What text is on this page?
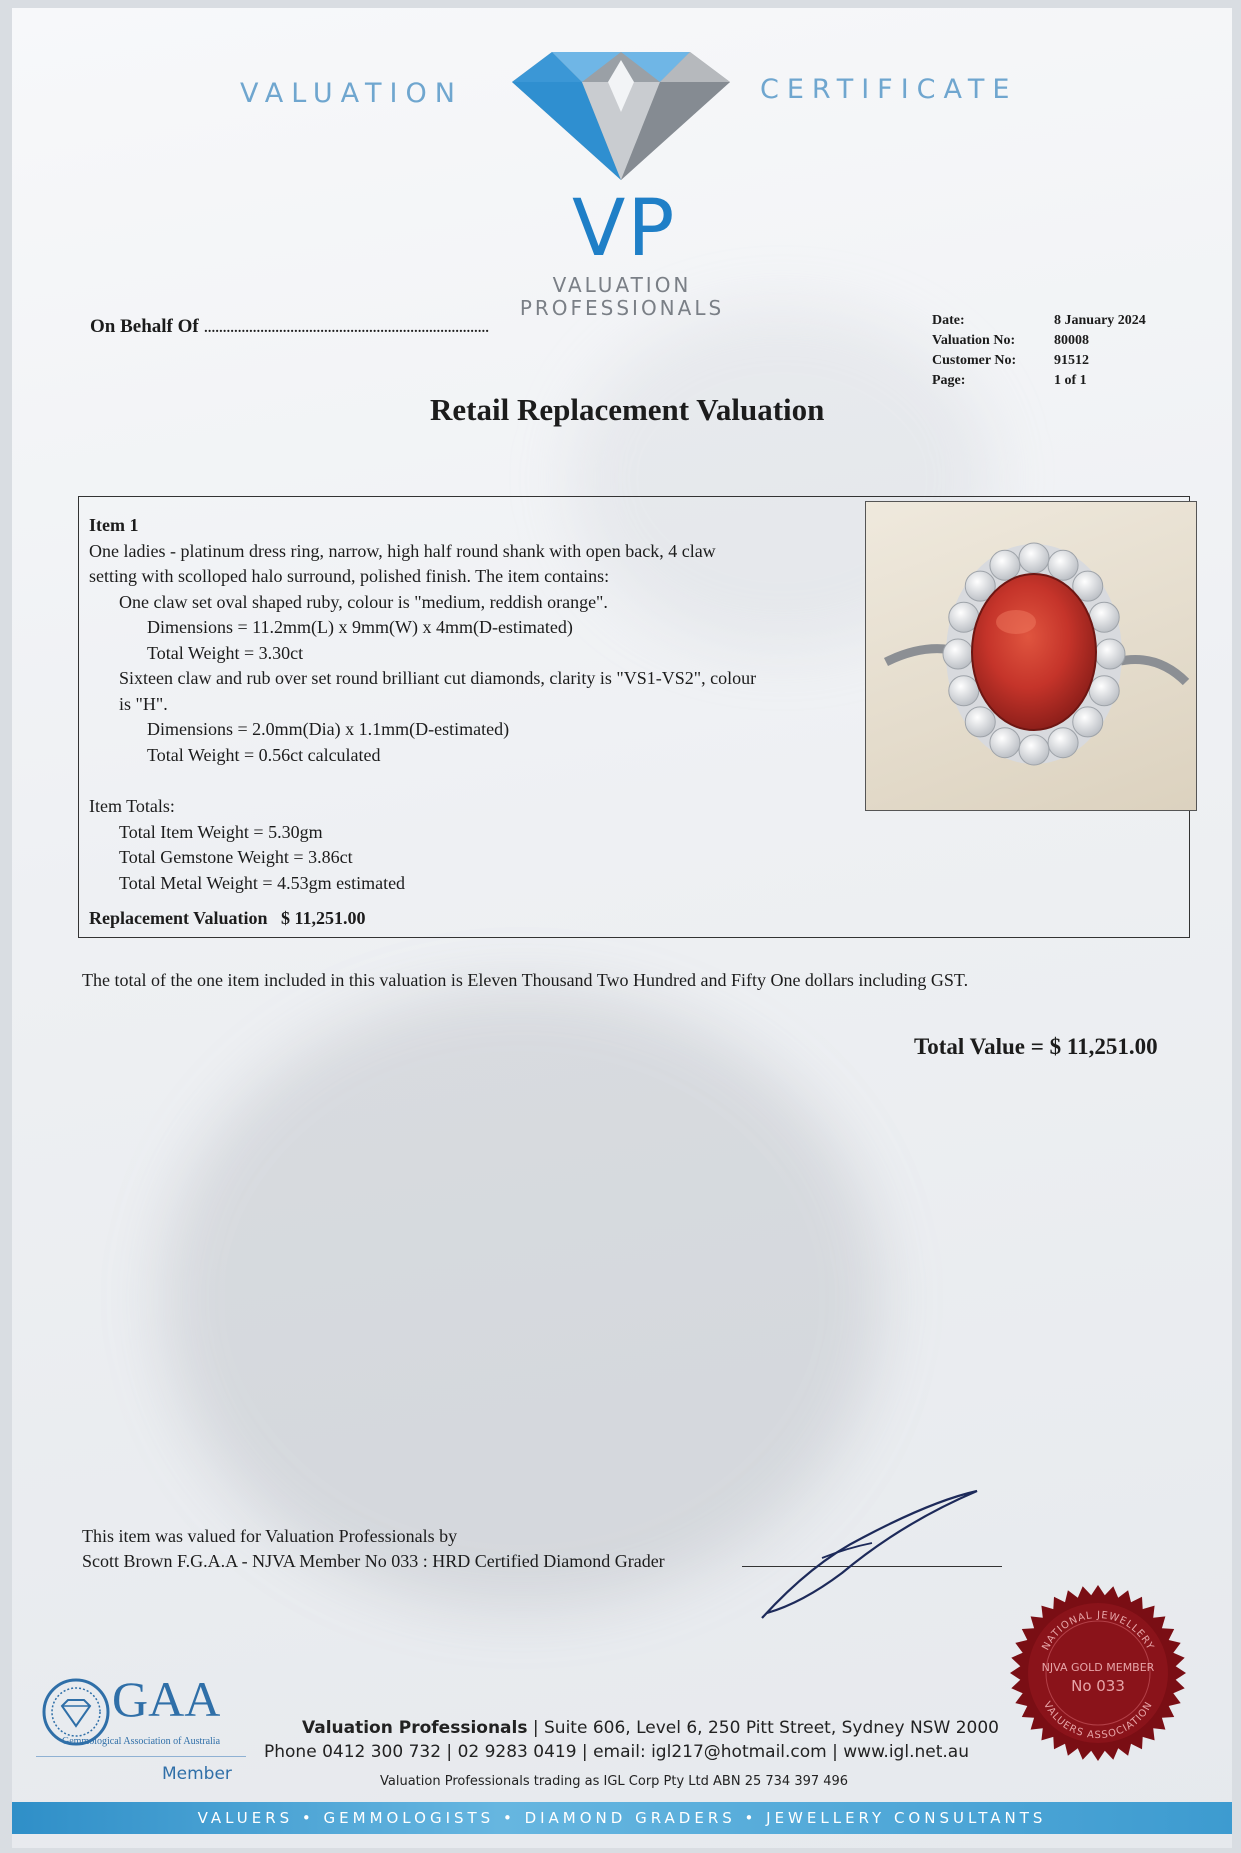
VALUATION	CERTIFICATE
VP
VALUATION
PROFESSIONALS
On Behalf Of ............................................................................	Date:	8 January 2024
Valuation No:	80008
Customer No:	91512
Page:	1 of 1
Retail Replacement Valuation

Item 1

One ladies - platinum dress ring, narrow, high half round shank with open back, 4 claw

setting with scolloped halo surround, polished finish. The item contains:

One claw set oval shaped ruby, colour is "medium, reddish orange".

Dimensions = 11.2mm(L) x 9mm(W) x 4mm(D-estimated)

Total Weight = 3.30ct

Sixteen claw and rub over set round brilliant cut diamonds, clarity is "VS1-VS2", colour

is "H".

Dimensions = 2.0mm(Dia) x 1.1mm(D-estimated)

Total Weight = 0.56ct calculated

Item Totals:

Total Item Weight = 5.30gm

Total Gemstone Weight = 3.86ct

Total Metal Weight = 4.53gm estimated

Replacement Valuation $ 11,251.00

The total of the one item included in this valuation is Eleven Thousand Two Hundred and Fifty One dollars including GST.
Total Value = $ 11,251.00
This item was valued for Valuation Professionals by
Scott Brown F.G.A.A - NJVA Member No 033 : HRD Certified Diamond Grader
NATIONAL JEWELLERY
NJVA GOLD MEMBER
No 033
VALUERS ASSOCIATION
GAA
Gemmological Association of Australia
Member
Valuation Professionals | Suite 606, Level 6, 250 Pitt Street, Sydney NSW 2000
Phone 0412 300 732 | 02 9283 0419 | email: igl217@hotmail.com | www.igl.net.au
Valuation Professionals trading as IGL Corp Pty Ltd ABN 25 734 397 496
VALUERS • GEMMOLOGISTS • DIAMOND GRADERS • JEWELLERY CONSULTANTS
